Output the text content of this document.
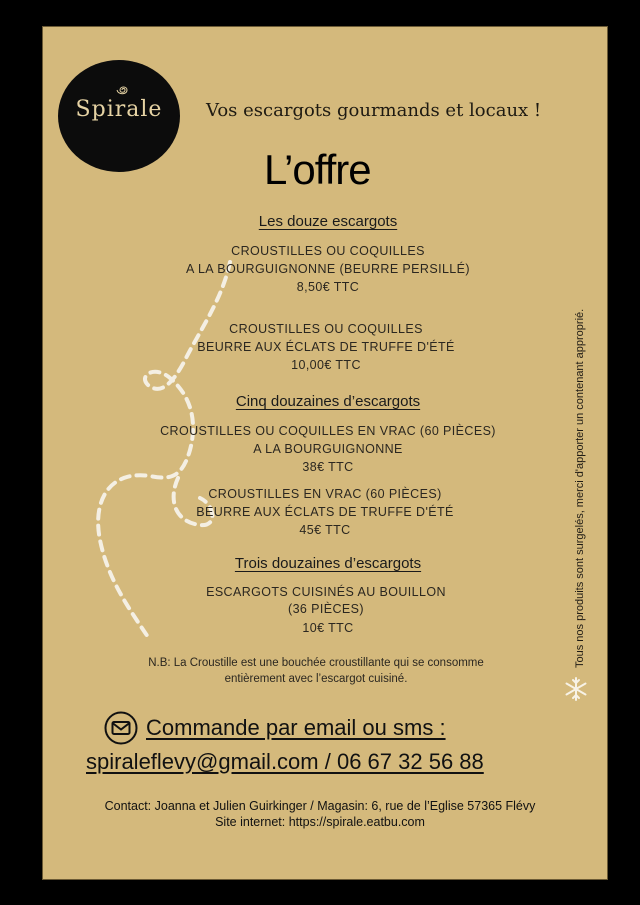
Spirale	Vos escargots gourmands et locaux !
L’offre
Les douze escargots
CROUSTILLES OU COQUILLES
A LA BOURGUIGNONNE (BEURRE PERSILLÉ)
8,50€ TTC
CROUSTILLES OU COQUILLES
BEURRE AUX ÉCLATS DE TRUFFE D'ÉTÉ
10,00€ TTC
Cinq douzaines d’escargots
CROUSTILLES OU COQUILLES EN VRAC (60 PIÈCES)
A LA BOURGUIGNONNE
38€ TTC
CROUSTILLES EN VRAC (60 PIÈCES)
BEURRE AUX ÉCLATS DE TRUFFE D'ÉTÉ
45€ TTC
Trois douzaines d’escargots
ESCARGOTS CUISINÉS AU BOUILLON
(36 PIÈCES)
10€ TTC
N.B: La Croustille est une bouchée croustillante qui se consomme
entièrement avec l’escargot cuisiné.
Tous nos produits sont surgelés, merci d'apporter un contenant approprié.
Commande par email ou sms :
spiraleflevy@gmail.com / 06 67 32 56 88
Contact: Joanna et Julien Guirkinger / Magasin: 6, rue de l’Eglise 57365 Flévy
Site internet: https://spirale.eatbu.com
